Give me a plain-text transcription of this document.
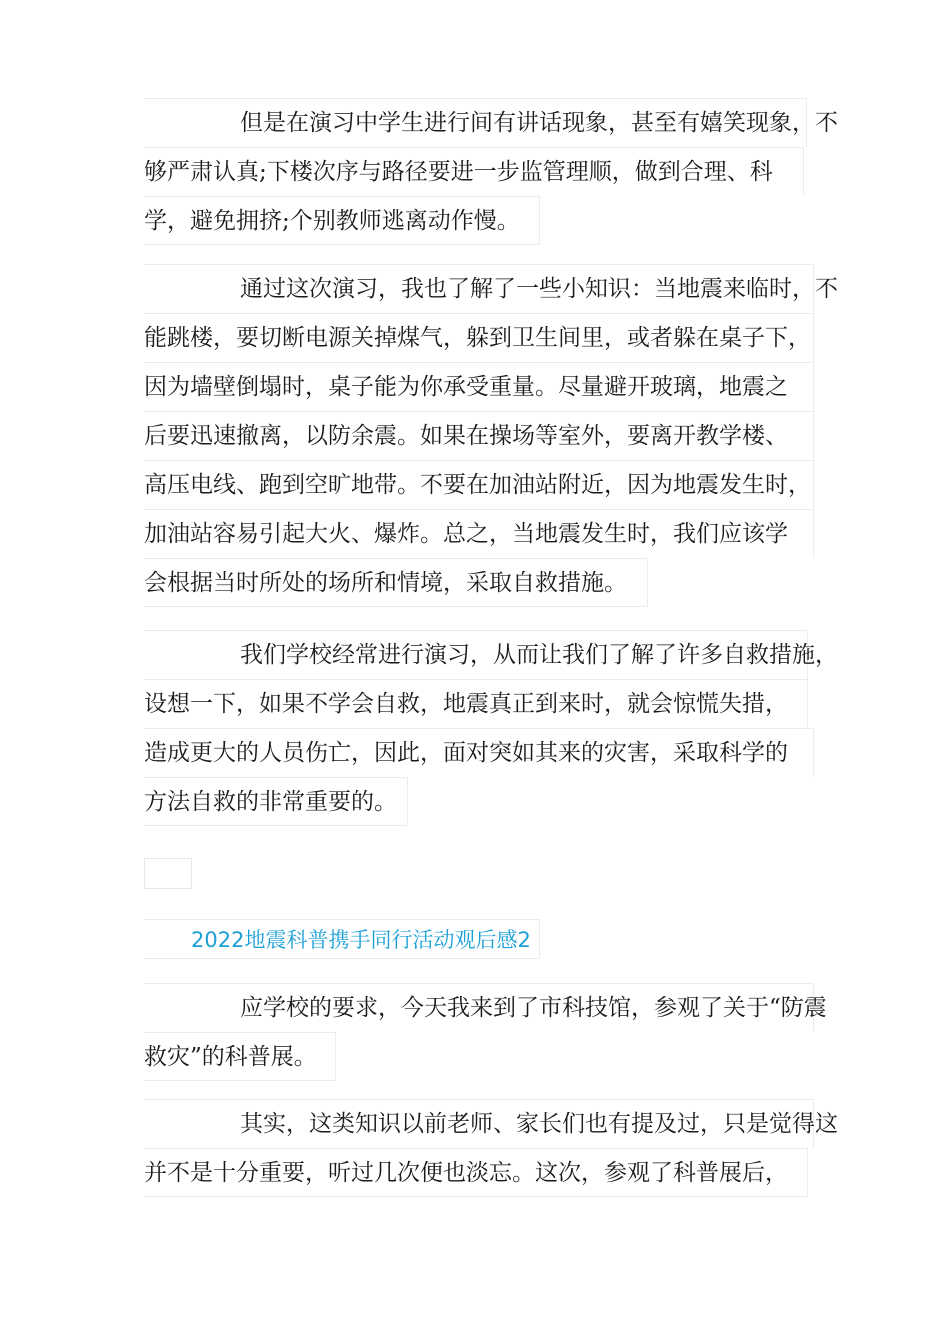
但是在演习中学生进行间有讲话现象，甚至有嬉笑现象，不
够严肃认真;下楼次序与路径要进一步监管理顺，做到合理、科
学，避免拥挤;个别教师逃离动作慢。
通过这次演习，我也了解了一些小知识：当地震来临时，不
能跳楼，要切断电源关掉煤气，躲到卫生间里，或者躲在桌子下，
因为墙壁倒塌时，桌子能为你承受重量。尽量避开玻璃，地震之
后要迅速撤离，以防余震。如果在操场等室外，要离开教学楼、
高压电线、跑到空旷地带。不要在加油站附近，因为地震发生时，
加油站容易引起大火、爆炸。总之，当地震发生时，我们应该学
会根据当时所处的场所和情境，采取自救措施。
我们学校经常进行演习，从而让我们了解了许多自救措施，
设想一下，如果不学会自救，地震真正到来时，就会惊慌失措，
造成更大的人员伤亡，因此，面对突如其来的灾害，采取科学的
方法自救的非常重要的。
2022地震科普携手同行活动观后感2
应学校的要求，今天我来到了市科技馆，参观了关于“防震
救灾”的科普展。
其实，这类知识以前老师、家长们也有提及过，只是觉得这
并不是十分重要，听过几次便也淡忘。这次，参观了科普展后，
